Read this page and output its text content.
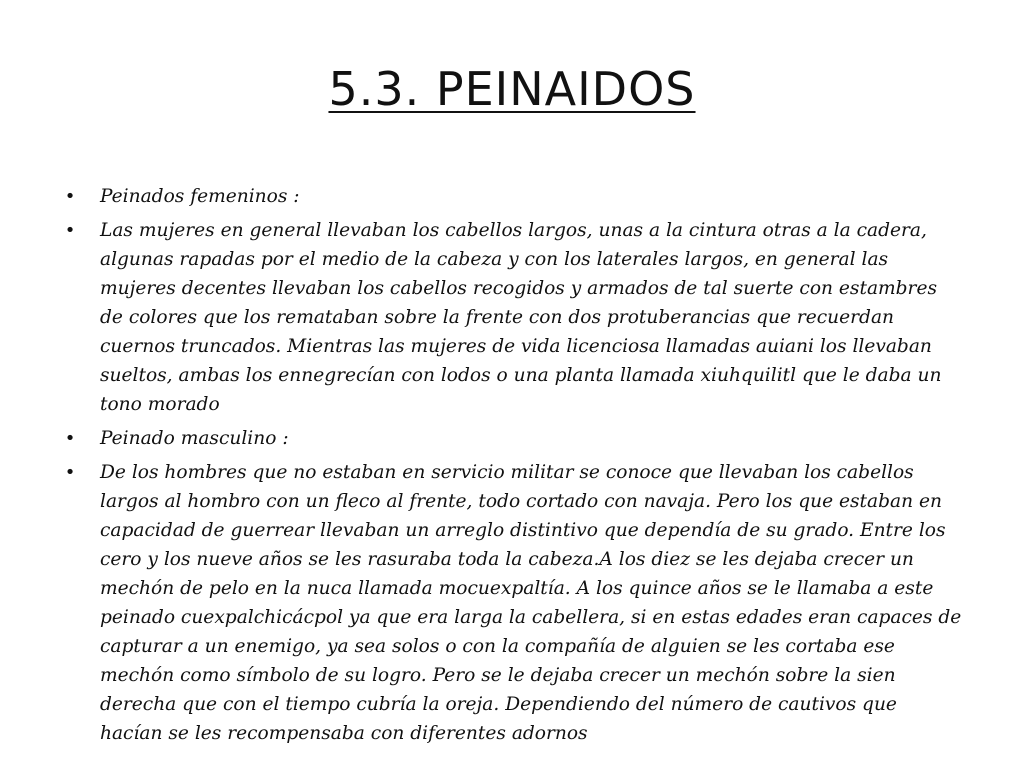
5.3. PEINAIDOS
• Peinados femeninos :
• Las mujeres en general llevaban los cabellos largos, unas a la cintura otras a la cadera, algunas rapadas por el medio de la cabeza y con los laterales largos, en general las mujeres decentes llevaban los cabellos recogidos y armados de tal suerte con estambres de colores que los remataban sobre la frente con dos protuberancias que recuerdan cuernos truncados. Mientras las mujeres de vida licenciosa llamadas auiani los llevaban sueltos, ambas los ennegrecían con lodos o una planta llamada xiuhquilitl que le daba un tono morado
• Peinado masculino :
• De los hombres que no estaban en servicio militar se conoce que llevaban los cabellos largos al hombro con un fleco al frente, todo cortado con navaja. Pero los que estaban en capacidad de guerrear llevaban un arreglo distintivo que dependía de su grado. Entre los cero y los nueve años se les rasuraba toda la cabeza.A los diez se les dejaba crecer un mechón de pelo en la nuca llamada mocuexpaltía. A los quince años se le llamaba a este peinado cuexpalchicácpol ya que era larga la cabellera, si en estas edades eran capaces de capturar a un enemigo, ya sea solos o con la compañía de alguien se les cortaba ese mechón como símbolo de su logro. Pero se le dejaba crecer un mechón sobre la sien derecha que con el tiempo cubría la oreja. Dependiendo del número de cautivos que hacían se les recompensaba con diferentes adornos
